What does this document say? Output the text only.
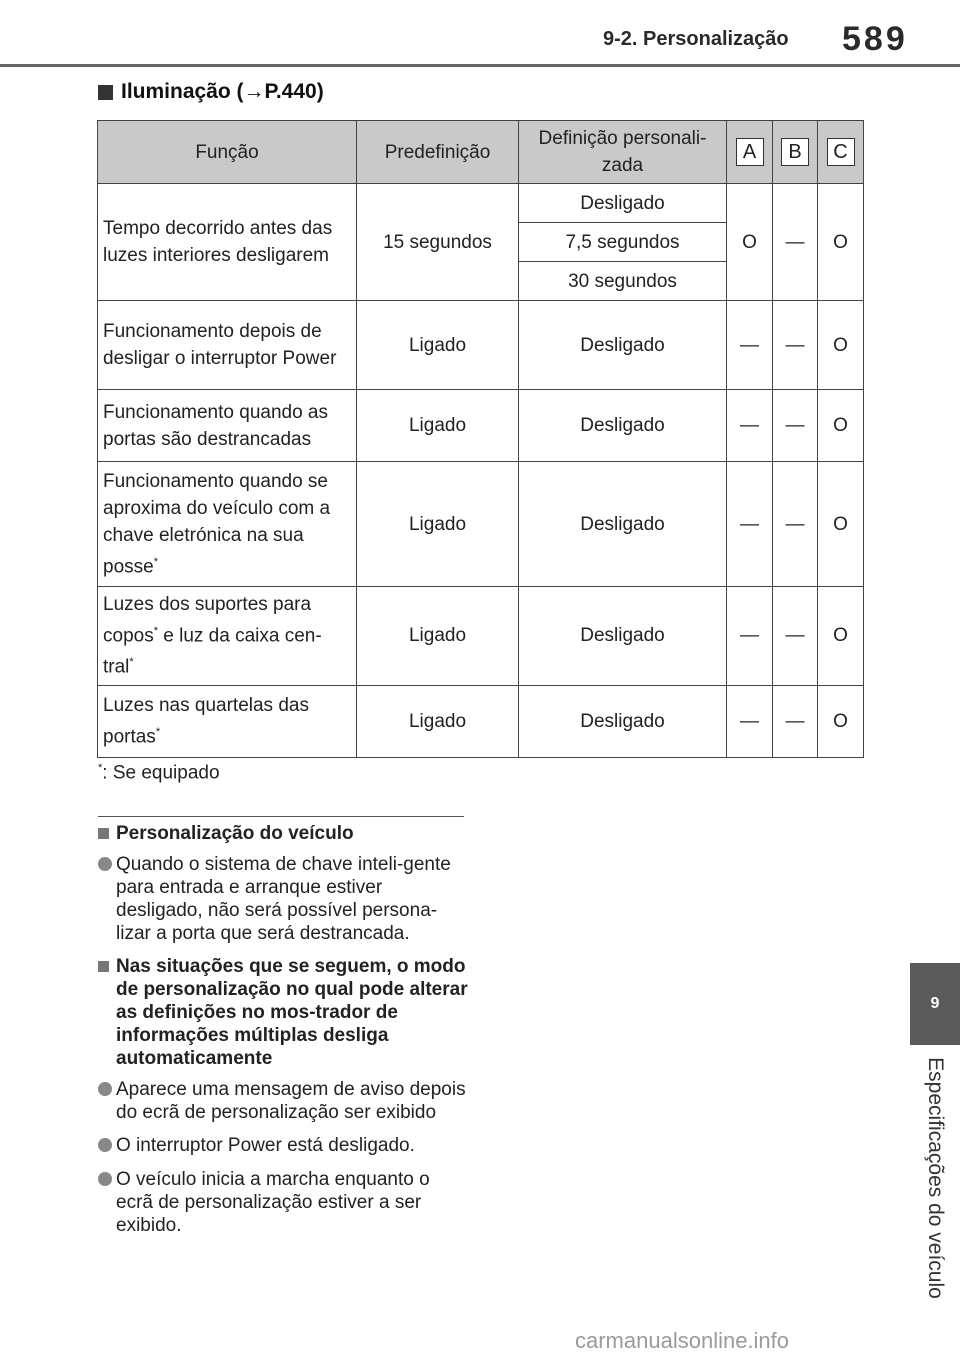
9-2. Personalização 589
9
Especificações do veículo
Iluminação (→P.440)
Função	Predefinição	Definição personali-zada	A	B	C
Tempo decorrido antes das luzes interiores desligarem	15 segundos	Desligado	O	—	O
		7,5 segundos			
		30 segundos			
Funcionamento depois de desligar o interruptor Power	Ligado	Desligado	—	—	O
Funcionamento quando as portas são destrancadas	Ligado	Desligado	—	—	O
Funcionamento quando se aproxima do veículo com a chave eletrónica na sua posse*	Ligado	Desligado	—	—	O
Luzes dos suportes para copos* e luz da caixa cen-tral*	Ligado	Desligado	—	—	O
Luzes nas quartelas das portas*	Ligado	Desligado	—	—	O
*: Se equipado
Personalização do veículo
Quando o sistema de chave inteli-gente para entrada e arranque estiver desligado, não será possível persona-lizar a porta que será destrancada.
Nas situações que se seguem, o modo de personalização no qual pode alterar as definições no mos-trador de informações múltiplas desliga automaticamente
Aparece uma mensagem de aviso depois do ecrã de personalização ser exibido
O interruptor Power está desligado.
O veículo inicia a marcha enquanto o ecrã de personalização estiver a ser exibido.
carmanualsonline.info
